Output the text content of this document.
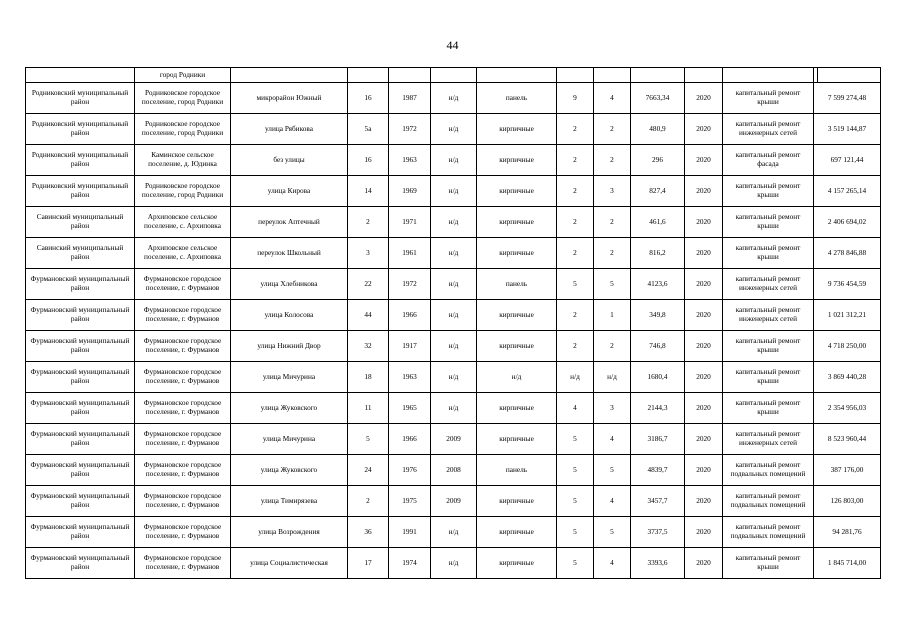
44
	город Родники												
Родниковский муниципальный район	Родниковское городское поселение, город Родники	микрорайон Южный	16	1987	н/д	панель	9	4	7663,34	2020	капитальный ремонт крыши	7 599 274,48	
Родниковский муниципальный район	Родниковское городское поселение, город Родники	улица Рябикова	5а	1972	н/д	кирпичные	2	2	480,9	2020	капитальный ремонт инженерных сетей	3 519 144,87	
Родниковский муниципальный район	Каминское сельское поселение, д. Юдинка	без улицы	16	1963	н/д	кирпичные	2	2	296	2020	капитальный ремонт фасада	697 121,44	
Родниковский муниципальный район	Родниковское городское поселение, город Родники	улица Кирова	14	1969	н/д	кирпичные	2	3	827,4	2020	капитальный ремонт крыши	4 157 265,14	
Савинский муниципальный район	Архиповское сельское поселение, с. Архиповка	переулок Аптечный	2	1971	н/д	кирпичные	2	2	461,6	2020	капитальный ремонт крыши	2 406 694,02	
Савинский муниципальный район	Архиповское сельское поселение, с. Архиповка	переулок Школьный	3	1961	н/д	кирпичные	2	2	816,2	2020	капитальный ремонт крыши	4 278 846,88	
Фурмановский муниципальный район	Фурмановское городское поселение, г. Фурманов	улица Хлебникова	22	1972	н/д	панель	5	5	4123,6	2020	капитальный ремонт инженерных сетей	9 736 454,59	
Фурмановский муниципальный район	Фурмановское городское поселение, г. Фурманов	улица Колосова	44	1966	н/д	кирпичные	2	1	349,8	2020	капитальный ремонт инженерных сетей	1 021 312,21	
Фурмановский муниципальный район	Фурмановское городское поселение, г. Фурманов	улица Нижний Двор	32	1917	н/д	кирпичные	2	2	746,8	2020	капитальный ремонт крыши	4 718 250,00	
Фурмановский муниципальный район	Фурмановское городское поселение, г. Фурманов	улица Мичурина	18	1963	н/д	н/д	н/д	н/д	1680,4	2020	капитальный ремонт крыши	3 869 440,28	
Фурмановский муниципальный район	Фурмановское городское поселение, г. Фурманов	улица Жуковского	11	1965	н/д	кирпичные	4	3	2144,3	2020	капитальный ремонт крыши	2 354 956,03	
Фурмановский муниципальный район	Фурмановское городское поселение, г. Фурманов	улица Мичурина	5	1966	2009	кирпичные	5	4	3186,7	2020	капитальный ремонт инженерных сетей	8 523 960,44	
Фурмановский муниципальный район	Фурмановское городское поселение, г. Фурманов	улица Жуковского	24	1976	2008	панель	5	5	4839,7	2020	капитальный ремонт подвальных помещений	387 176,00	
Фурмановский муниципальный район	Фурмановское городское поселение, г. Фурманов	улица Тимирязева	2	1975	2009	кирпичные	5	4	3457,7	2020	капитальный ремонт подвальных помещений	126 803,00	
Фурмановский муниципальный район	Фурмановское городское поселение, г. Фурманов	улица Возрождения	36	1991	н/д	кирпичные	5	5	3737,5	2020	капитальный ремонт подвальных помещений	94 281,76	
Фурмановский муниципальный район	Фурмановское городское поселение, г. Фурманов	улица Социалистическая	17	1974	н/д	кирпичные	5	4	3393,6	2020	капитальный ремонт крыши	1 845 714,00	
